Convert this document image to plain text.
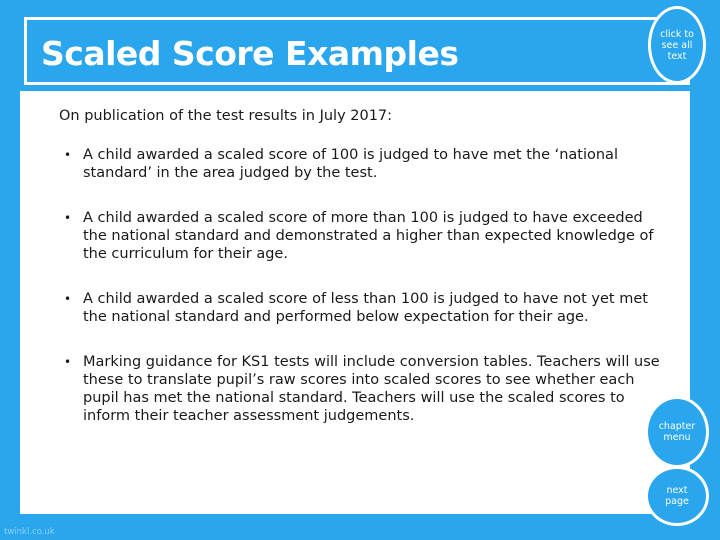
Scaled Score Examples	click to
see all
text

On publication of the test results in July 2017:

• A child awarded a scaled score of 100 is judged to have met the ‘national standard’ in the area judged by the test.
• A child awarded a scaled score of more than 100 is judged to have exceeded the national standard and demonstrated a higher than expected knowledge of the curriculum for their age.
• A child awarded a scaled score of less than 100 is judged to have not yet met the national standard and performed below expectation for their age.
• Marking guidance for KS1 tests will include conversion tables. Teachers will use these to translate pupil’s raw scores into scaled scores to see whether each pupil has met the national standard. Teachers will use the scaled scores to inform their teacher assessment judgements.
chapter
menu
next
page
twinkl.co.uk
